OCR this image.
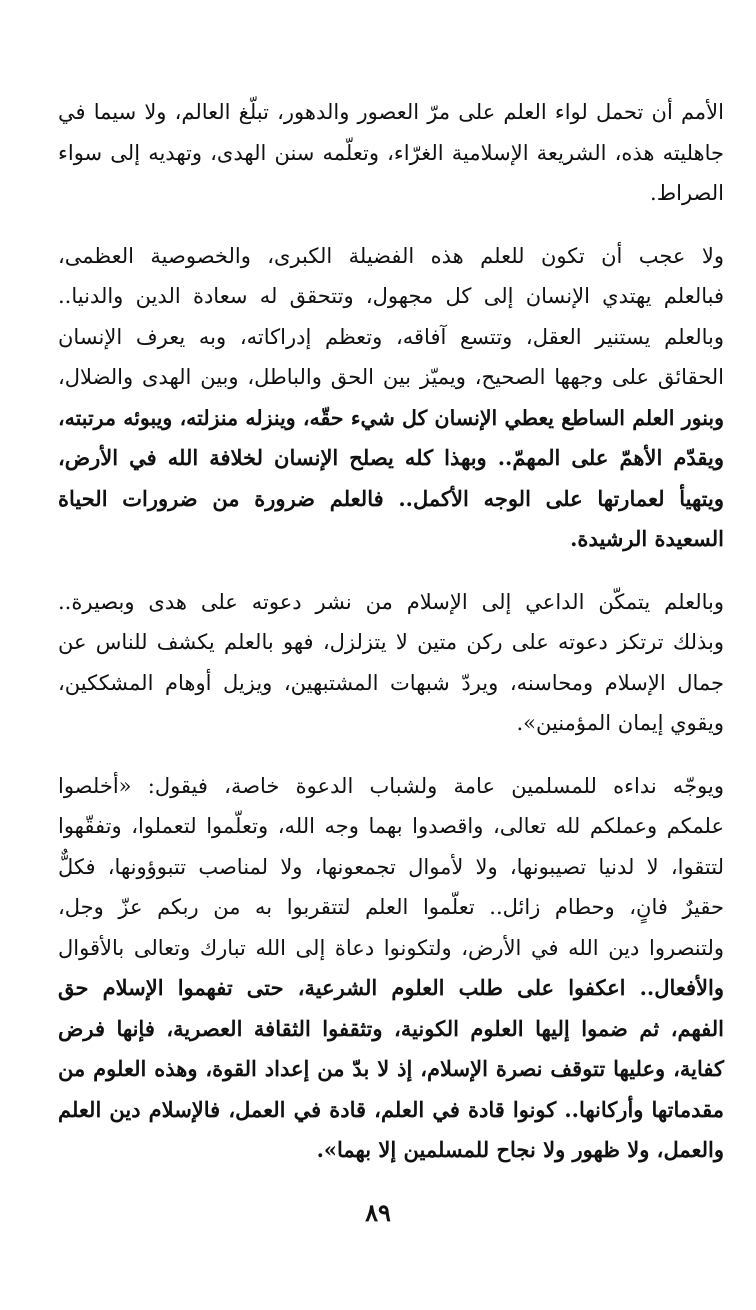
الأمم أن تحمل لواء العلم على مرّ العصور والدهور، تبلّغ العالم، ولا سيما في
جاهليته هذه، الشريعة الإسلامية الغرّاء، وتعلّمه سنن الهدى، وتهديه إلى سواء
الصراط.
ولا عجب أن تكون للعلم هذه الفضيلة الكبرى، والخصوصية العظمى،
فبالعلم يهتدي الإنسان إلى كل مجهول، وتتحقق له سعادة الدين والدنيا..
وبالعلم يستنير العقل، وتتسع آفاقه، وتعظم إدراكاته، وبه يعرف الإنسان
الحقائق على وجهها الصحيح، ويميّز بين الحق والباطل، وبين الهدى والضلال،
وبنور العلم الساطع يعطي الإنسان كل شيء حقّه، وينزله منزلته، ويبوئه مرتبته،
ويقدّم الأهمّ على المهمّ.. وبهذا كله يصلح الإنسان لخلافة الله في الأرض،
ويتهيأ لعمارتها على الوجه الأكمل.. فالعلم ضرورة من ضرورات الحياة
السعيدة الرشيدة.
وبالعلم يتمكّن الداعي إلى الإسلام من نشر دعوته على هدى وبصيرة..
وبذلك ترتكز دعوته على ركن متين لا يتزلزل، فهو بالعلم يكشف للناس عن
جمال الإسلام ومحاسنه، ويردّ شبهات المشتبهين، ويزيل أوهام المشككين،
ويقوي إيمان المؤمنين».
ويوجّه نداءه للمسلمين عامة ولشباب الدعوة خاصة، فيقول: «أخلصوا
علمكم وعملكم لله تعالى، واقصدوا بهما وجه الله، وتعلّموا لتعملوا، وتفقّهوا
لتتقوا، لا لدنيا تصيبونها، ولا لأموال تجمعونها، ولا لمناصب تتبوؤونها، فكلٌّ
حقيرٌ فانٍ، وحطام زائل.. تعلّموا العلم لتتقربوا به من ربكم عزّ وجل،
ولتنصروا دين الله في الأرض، ولتكونوا دعاة إلى الله تبارك وتعالى بالأقوال
والأفعال.. اعكفوا على طلب العلوم الشرعية، حتى تفهموا الإسلام حق
الفهم، ثم ضموا إليها العلوم الكونية، وتثقفوا الثقافة العصرية، فإنها فرض
كفاية، وعليها تتوقف نصرة الإسلام، إذ لا بدّ من إعداد القوة، وهذه العلوم من
مقدماتها وأركانها.. كونوا قادة في العلم، قادة في العمل، فالإسلام دين العلم
والعمل، ولا ظهور ولا نجاح للمسلمين إلا بهما».
٨٩
